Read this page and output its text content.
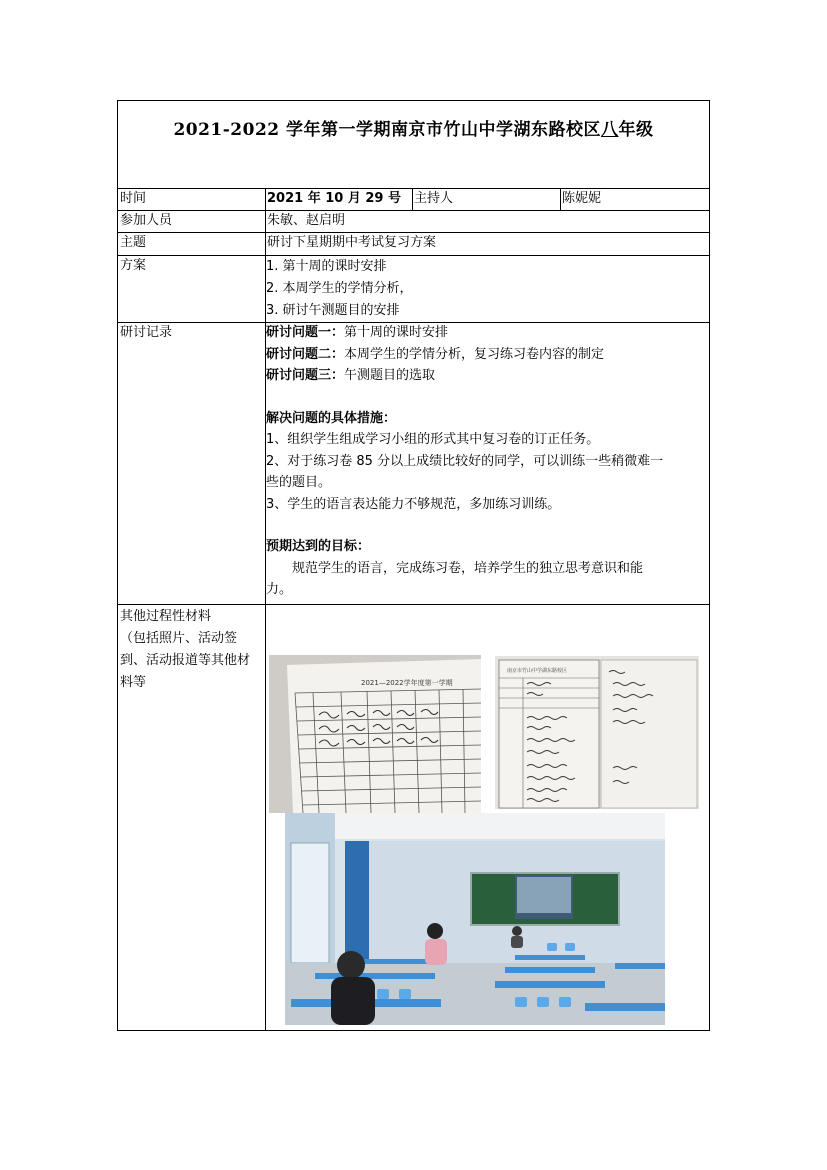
2021-2022 学年第一学期南京市竹山中学湖东路校区八年级
时间	2021 年 10 月 29 号 主持人	陈妮妮
参加人员	朱敏、赵启明
主题	研讨下星期期中考试复习方案
方案	1. 第十周的课时安排
2. 本周学生的学情分析，
3. 研讨午测题目的安排
研讨记录	研讨问题一：第十周的课时安排
研讨问题二：本周学生的学情分析，复习练习卷内容的制定
研讨问题三：午测题目的选取
解决问题的具体措施：
1、组织学生组成学习小组的形式其中复习卷的订正任务。
2、对于练习卷 85 分以上成绩比较好的同学，可以训练一些稍微难一
些的题目。
3、学生的语言表达能力不够规范，多加练习训练。
预期达到的目标：
　　规范学生的语言，完成练习卷，培养学生的独立思考意识和能
力。
其他过程性材料
（包括照片、活动签
到、活动报道等其他材
料等	2021—2022学年度第一学期
南京市竹山中学湖东路校区
